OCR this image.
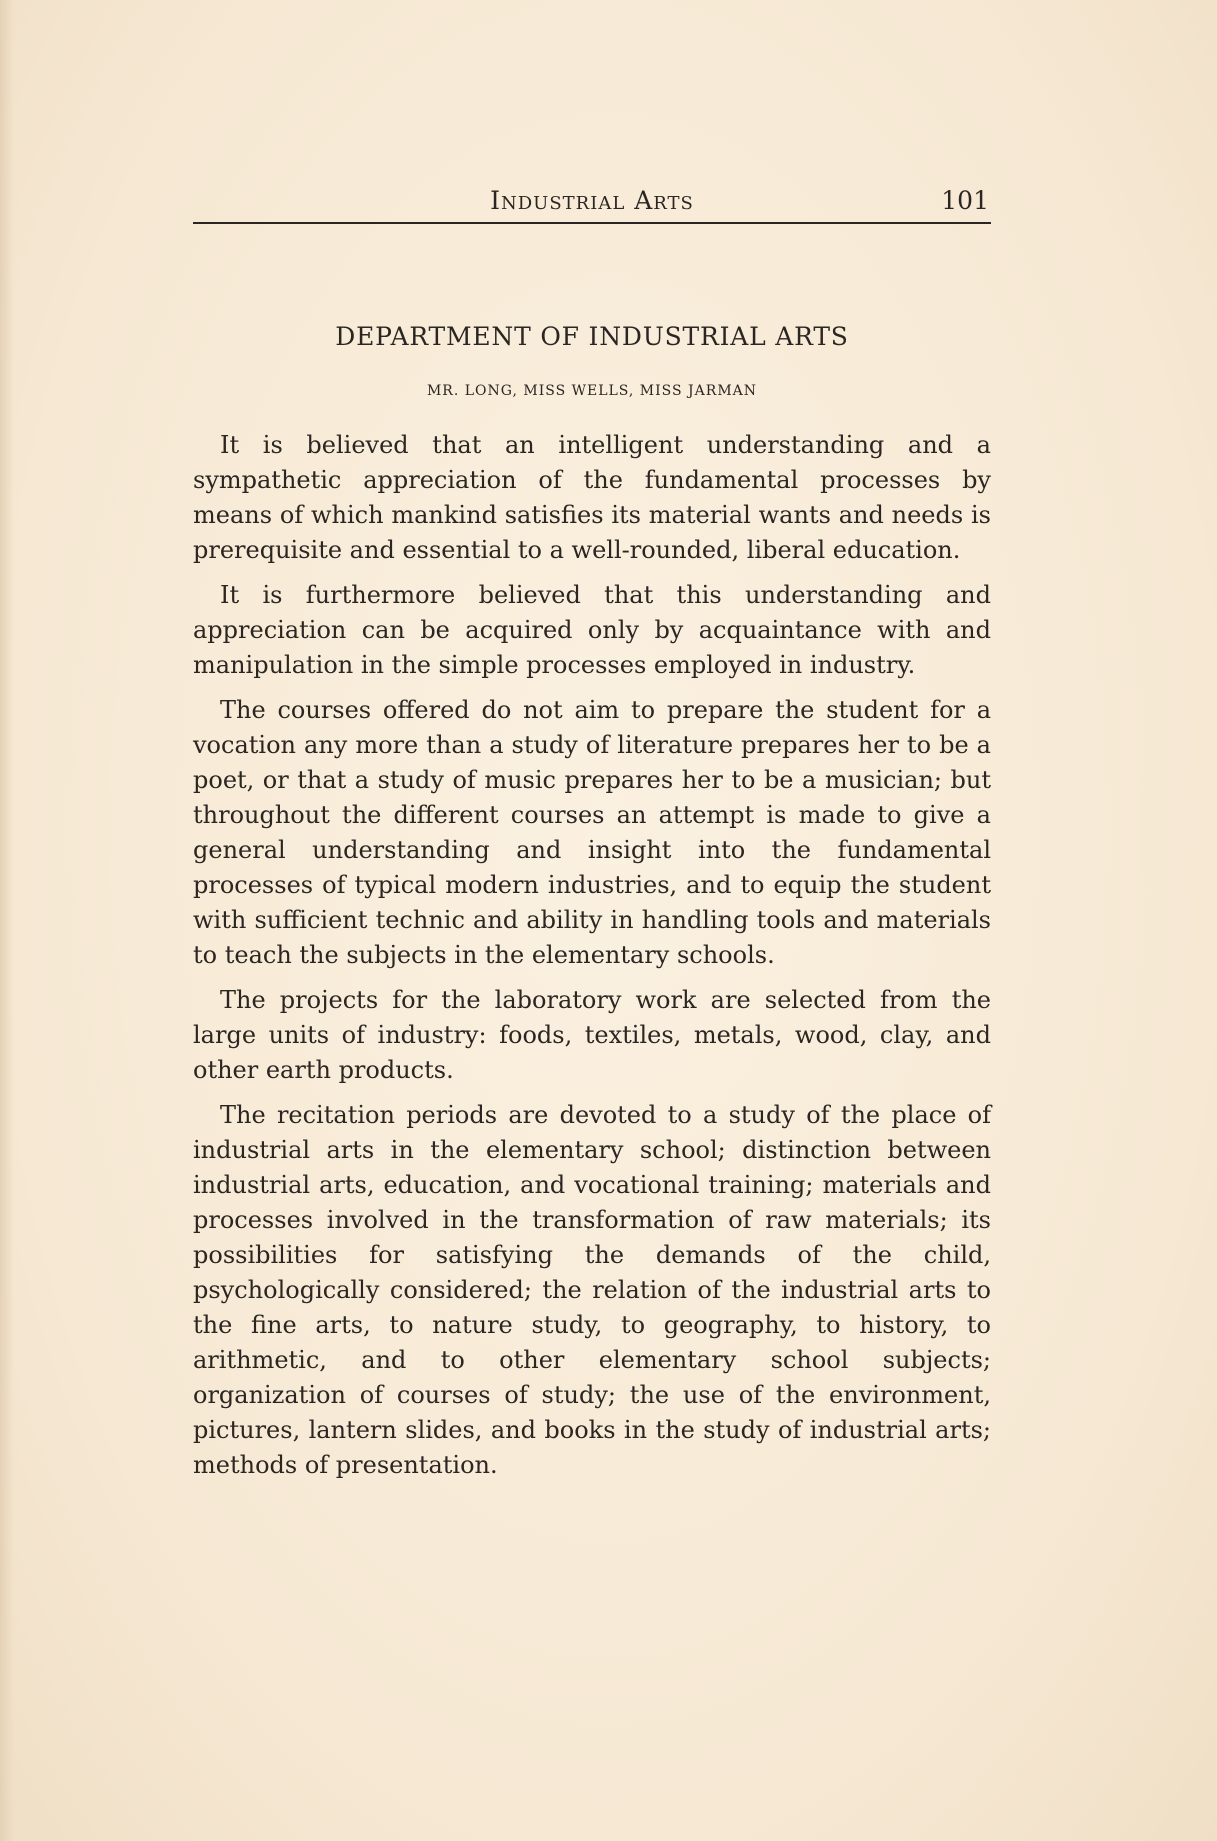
Industrial Arts	101
DEPARTMENT OF INDUSTRIAL ARTS
MR. LONG, MISS WELLS, MISS JARMAN

It is believed that an intelligent understanding and a sympathetic appreciation of the fundamental processes by means of which mankind satisfies its material wants and needs is prerequisite and essential to a well-rounded, liberal education.

It is furthermore believed that this understanding and appreciation can be acquired only by acquaintance with and manipulation in the simple processes employed in industry.

The courses offered do not aim to prepare the student for a vocation any more than a study of literature prepares her to be a poet, or that a study of music prepares her to be a musician; but throughout the different courses an attempt is made to give a general understanding and insight into the fundamental processes of typical modern industries, and to equip the student with sufficient technic and ability in handling tools and materials to teach the subjects in the elementary schools.

The projects for the laboratory work are selected from the large units of industry: foods, textiles, metals, wood, clay, and other earth products.

The recitation periods are devoted to a study of the place of industrial arts in the elementary school; distinction between industrial arts, education, and vocational training; materials and processes involved in the transformation of raw materials; its possibilities for satisfying the demands of the child, psychologically considered; the relation of the industrial arts to the fine arts, to nature study, to geography, to history, to arithmetic, and to other elementary school subjects; organization of courses of study; the use of the environment, pictures, lantern slides, and books in the study of industrial arts; methods of presentation.
